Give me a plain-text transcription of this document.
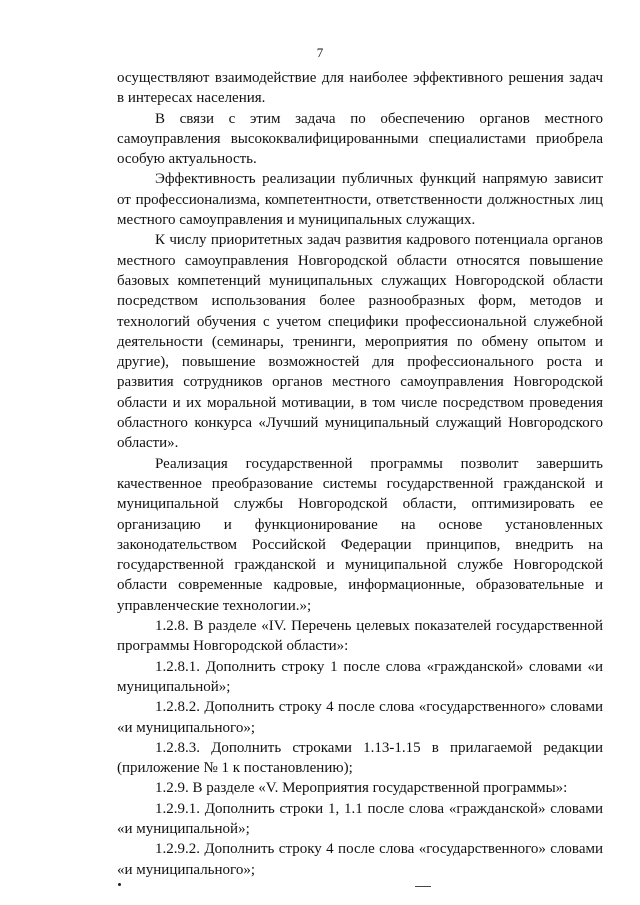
7

осуществляют взаимодействие для наиболее эффективного решения задач в интересах населения.

В связи с этим задача по обеспечению органов местного самоуправления высококвалифицированными специалистами приобрела особую актуальность.

Эффективность реализации публичных функций напрямую зависит от профессионализма, компетентности, ответственности должностных лиц местного самоуправления и муниципальных служащих.

К числу приоритетных задач развития кадрового потенциала органов местного самоуправления Новгородской области относятся повышение базовых компетенций муниципальных служащих Новгородской области посредством использования более разнообразных форм, методов и технологий обучения с учетом специфики профессиональной служебной деятельности (семинары, тренинги, мероприятия по обмену опытом и другие), повышение возможностей для профессионального роста и развития сотрудников органов местного самоуправления Новгородской области и их моральной мотивации, в том числе посредством проведения областного конкурса «Лучший муниципальный служащий Новгородского области».

Реализация государственной программы позволит завершить качественное преобразование системы государственной гражданской и муниципальной службы Новгородской области, оптимизировать ее организацию и функционирование на основе установленных законодательством Российской Федерации принципов, внедрить на государственной гражданской и муниципальной службе Новгородской области современные кадровые, информационные, образовательные и управленческие технологии.»;

1.2.8. В разделе «IV. Перечень целевых показателей государственной программы Новгородской области»:

1.2.8.1. Дополнить строку 1 после слова «гражданской» словами «и муниципальной»;

1.2.8.2. Дополнить строку 4 после слова «государственного» словами «и муниципального»;

1.2.8.3. Дополнить строками 1.13-1.15 в прилагаемой редакции (приложение № 1 к постановлению);

1.2.9. В разделе «V. Мероприятия государственной программы»:

1.2.9.1. Дополнить строки 1, 1.1 после слова «гражданской» словами «и муниципальной»;

1.2.9.2. Дополнить строку 4 после слова «государственного» словами «и муниципального»;
